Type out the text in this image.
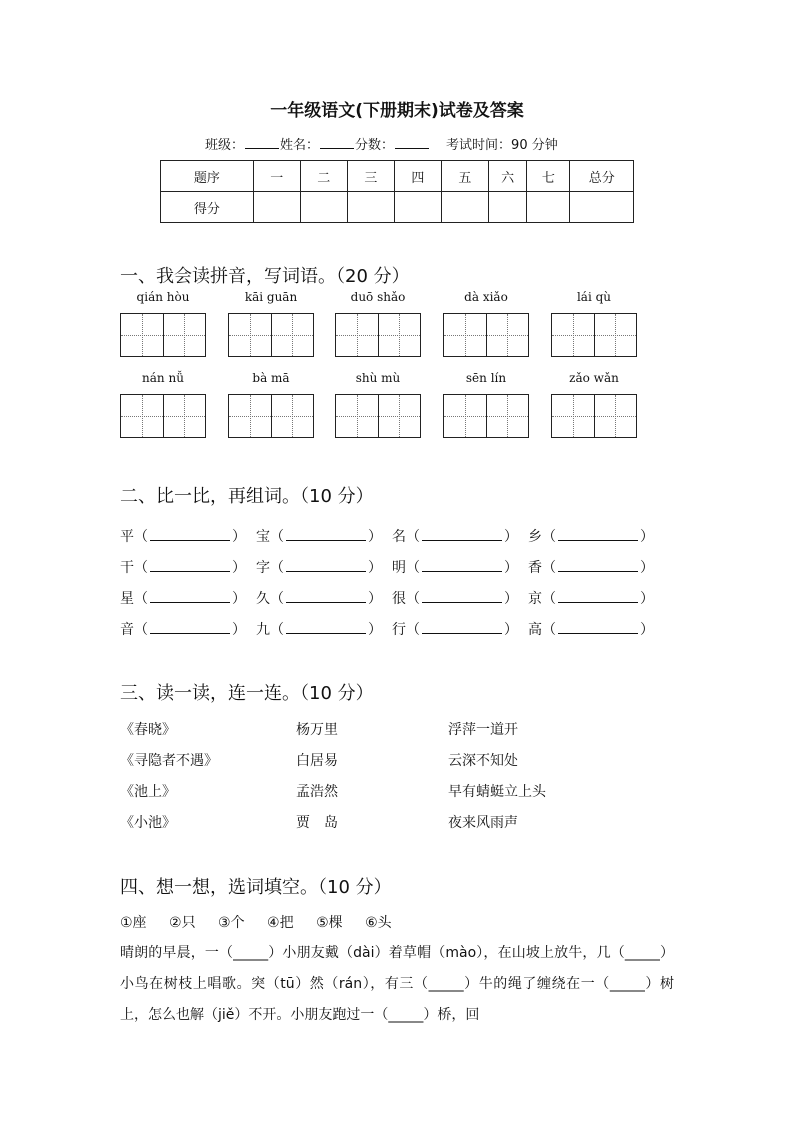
一年级语文(下册期末)试卷及答案
班级：	姓名：	分数：	考试时间：90 分钟
题序	一	二	三	四	五	六	七	总分
得分								
一、我会读拼音，写词语。（20 分）
qián hòu	kāi guān	duō shǎo	dà xiǎo	lái qù
nán nǚ	bà mā	shù mù	sēn lín	zǎo wǎn
二、比一比，再组词。（10 分）
平 （	） 宝 （	） 名 （	） 乡 （	）
干 （	） 字 （	） 明 （	） 香 （	）
星 （	） 久 （	） 很 （	） 京 （	）
音 （	） 九 （	） 行 （	） 高 （	）
三、读一读，连一连。（10 分）
《春晓》	杨万里	浮萍一道开
《寻隐者不遇》	白居易	云深不知处
《池上》	孟浩然	早有蜻蜓立上头
《小池》	贾　岛	夜来风雨声
四、想一想，选词填空。（10 分）
①座 ②只 ③个 ④把 ⑤棵 ⑥头
晴朗的早晨，一（_____）小朋友戴（dài）着草帽（mào），在山坡上放牛，几（_____）小鸟在树枝上唱歌。突（tū）然（rán），有三（_____）牛的绳了缠绕在一（_____）树上，怎么也解（jiě）不开。小朋友跑过一（_____）桥，回
